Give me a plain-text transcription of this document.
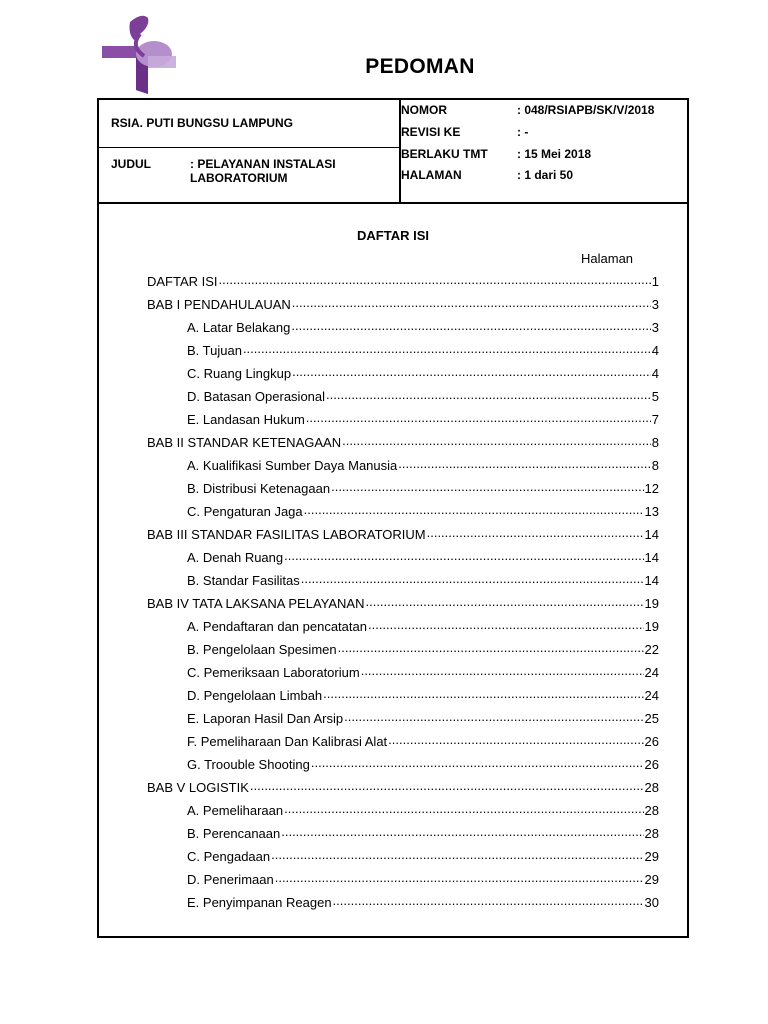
PEDOMAN
RSIA. PUTI BUNGSU LAMPUNG
JUDUL	: PELAYANAN INSTALASI LABORATORIUM
NOMOR	: 048/RSIAPB/SK/V/2018
REVISI KE	: -
BERLAKU TMT : 15 Mei 2018
HALAMAN	: 1 dari 50
DAFTAR ISI
Halaman
DAFTAR ISI .....	1
BAB I PENDAHULAUAN .....	3
A. Latar Belakang .....	3
B. Tujuan .....	4
C. Ruang Lingkup .....	4
D. Batasan Operasional .....	5
E. Landasan Hukum .....	7
BAB II STANDAR KETENAGAAN .....	8
A. Kualifikasi Sumber Daya Manusia .....	8
B. Distribusi Ketenagaan .....	12
C. Pengaturan Jaga .....	13
BAB III STANDAR FASILITAS LABORATORIUM .....	14
A. Denah Ruang .....	14
B. Standar Fasilitas .....	14
BAB IV TATA LAKSANA PELAYANAN .....	19
A. Pendaftaran dan pencatatan .....	19
B. Pengelolaan Spesimen .....	22
C. Pemeriksaan Laboratorium .....	24
D. Pengelolaan Limbah .....	24
E. Laporan Hasil Dan Arsip .....	25
F. Pemeliharaan Dan Kalibrasi Alat .....	26
G. Troouble Shooting .....	26
BAB V LOGISTIK .....	28
A. Pemeliharaan .....	28
B. Perencanaan .....	28
C. Pengadaan .....	29
D. Penerimaan .....	29
E. Penyimpanan Reagen .....	30
